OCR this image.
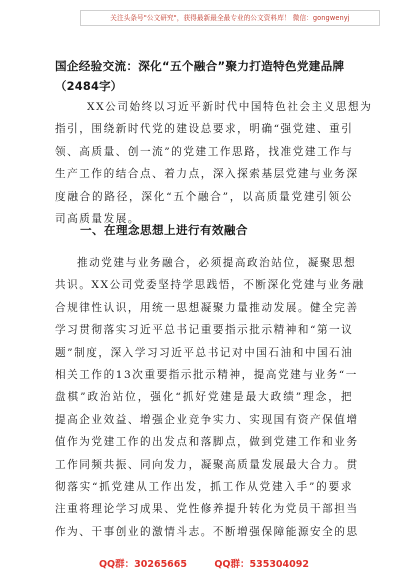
关注头条号"公文研究"，获得最新最全最专业的公文资料库！ 微信：gongwenyj
国企经验交流：深化“五个融合”聚力打造特色党建品牌
（2484字）
XX公司始终以习近平新时代中国特色社会主义思想为
指引，围绕新时代党的建设总要求，明确“强党建、重引
领、高质量、创一流”的党建工作思路，找准党建工作与
生产工作的结合点、着力点，深入探索基层党建与业务深
度融合的路径，深化“五个融合”，以高质量党建引领公
司高质量发展。
一、在理念思想上进行有效融合
推动党建与业务融合，必须提高政治站位，凝聚思想
共识。XX公司党委坚持学思践悟，不断深化党建与业务融
合规律性认识，用统一思想凝聚力量推动发展。健全完善
学习贯彻落实习近平总书记重要指示批示精神和“第一议
题”制度，深入学习习近平总书记对中国石油和中国石油
相关工作的13次重要指示批示精神，提高党建与业务“一
盘棋”政治站位，强化“抓好党建是最大政绩”理念，把
提高企业效益、增强企业竞争实力、实现国有资产保值增
值作为党建工作的出发点和落脚点，做到党建工作和业务
工作同频共振、同向发力，凝聚高质量发展最大合力。贯
彻落实“抓党建从工作出发，抓工作从党建入手”的要求
注重将理论学习成果、党性修养提升转化为党员干部担当
作为、干事创业的激情斗志。不断增强保障能源安全的思
QQ群：30265665	QQ群：535304092
